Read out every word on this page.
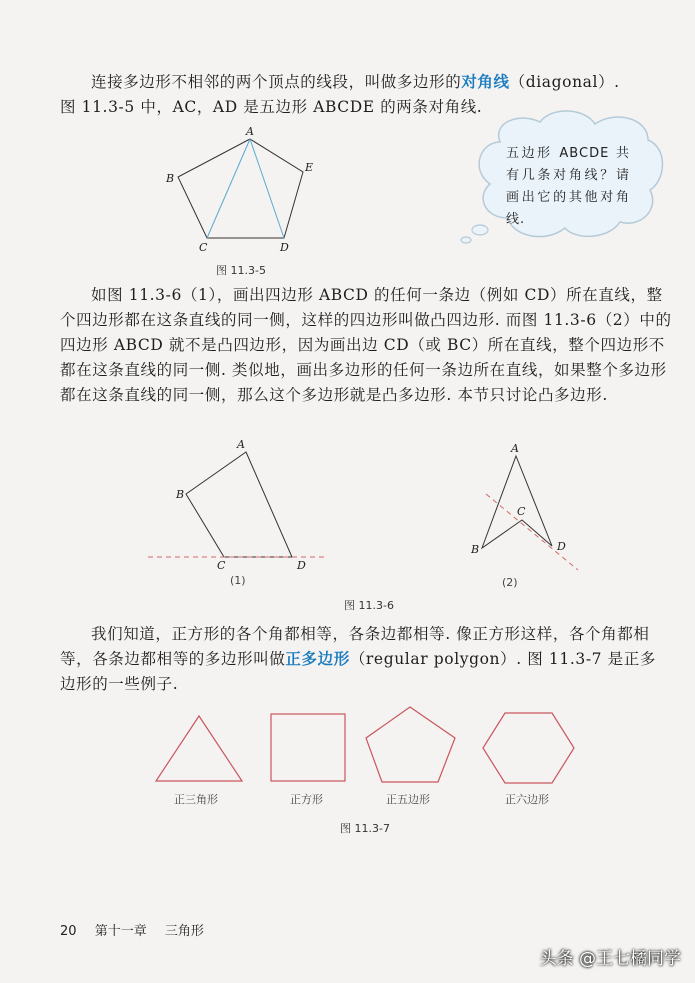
连接多边形不相邻的两个顶点的线段，叫做多边形的对角线（diagonal）.
图 11.3-5 中，AC，AD 是五边形 ABCDE 的两条对角线.

A
B
C	D
E
图 11.3-5
五边形 ABCDE 共有几条对角线？请画出它的其他对角线.

如图 11.3-6（1），画出四边形 ABCD 的任何一条边（例如 CD）所在直线，整个四边形都在这条直线的同一侧，这样的四边形叫做凸四边形. 而图 11.3-6（2）中的四边形 ABCD 就不是凸四边形，因为画出边 CD（或 BC）所在直线，整个四边形不都在这条直线的同一侧. 类似地，画出多边形的任何一条边所在直线，如果整个多边形都在这条直线的同一侧，那么这个多边形就是凸多边形. 本节只讨论凸多边形.

A
B
C	D
A
B
C
D
(1)	(2)
图 11.3-6

我们知道，正方形的各个角都相等，各条边都相等. 像正方形这样，各个角都相等，各条边都相等的多边形叫做正多边形（regular polygon）. 图 11.3-7 是正多边形的一些例子.

正三角形	正方形	正五边形	正六边形
图 11.3-7
20 第十一章 三角形
头条 @王七橘同学
